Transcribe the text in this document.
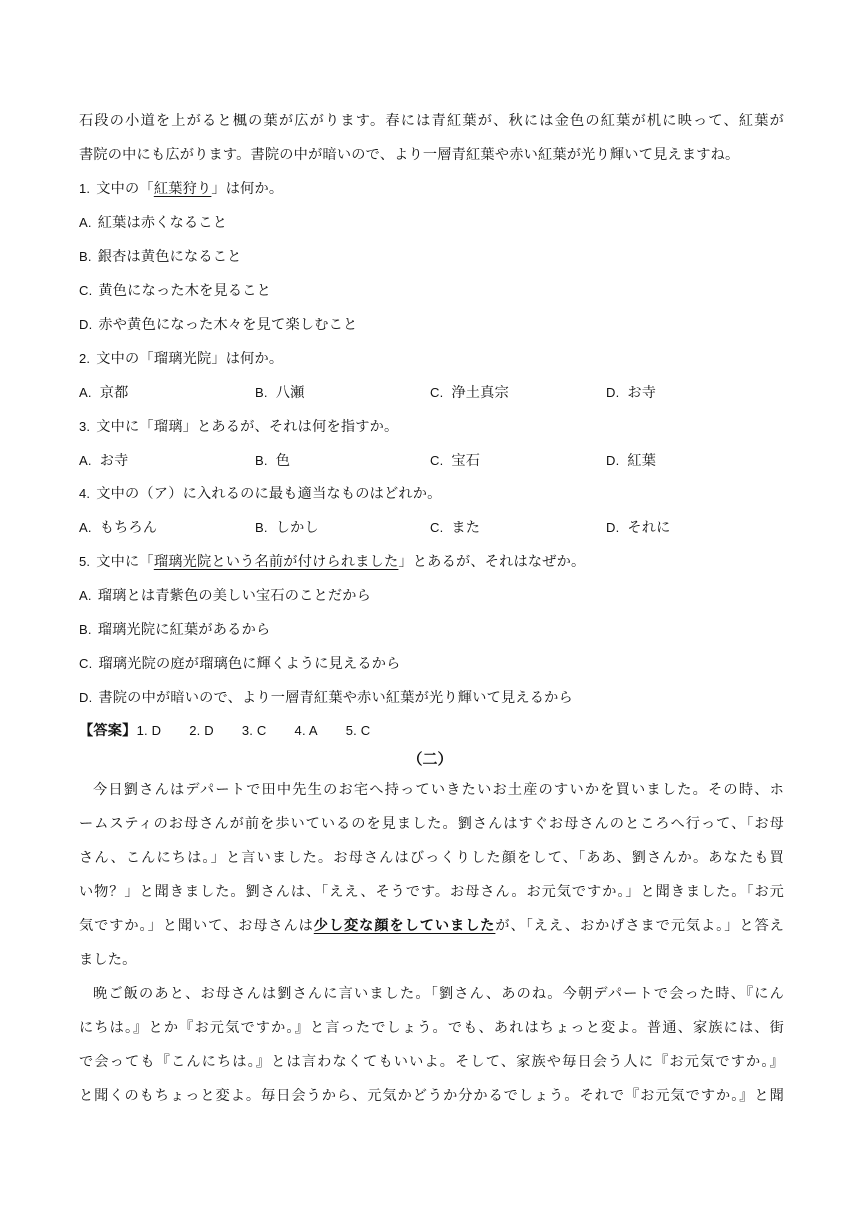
石段の小道を上がると楓の葉が広がります。春には青紅葉が、秋には金色の紅葉が机に映って、紅葉が
書院の中にも広がります。書院の中が暗いので、より一層青紅葉や赤い紅葉が光り輝いて見えますね。
1. 文中の「紅葉狩り」は何か。
A. 紅葉は赤くなること
B. 銀杏は黄色になること
C. 黄色になった木を見ること
D. 赤や黄色になった木々を見て楽しむこと
2. 文中の「瑠璃光院」は何か。
A. 京都	B. 八瀬	C. 浄土真宗	D. お寺
3. 文中に「瑠璃」とあるが、それは何を指すか。
A. お寺	B. 色	C. 宝石	D. 紅葉
4. 文中の（ア）に入れるのに最も適当なものはどれか。
A. もちろん	B. しかし	C. また	D. それに
5. 文中に「瑠璃光院という名前が付けられました」とあるが、それはなぜか。
A. 瑠璃とは青紫色の美しい宝石のことだから
B. 瑠璃光院に紅葉があるから
C. 瑠璃光院の庭が瑠璃色に輝くように見えるから
D. 書院の中が暗いので、より一層青紅葉や赤い紅葉が光り輝いて見えるから
【答案】1. D 2. D 3. C 4. A 5. C
（二）
今日劉さんはデパートで田中先生のお宅へ持っていきたいお土産のすいかを買いました。その時、ホ
ームスティのお母さんが前を歩いているのを見ました。劉さんはすぐお母さんのところへ行って、「お母
さん、こんにちは。」と言いました。お母さんはびっくりした顔をして、「ああ、劉さんか。あなたも買
い物？」と聞きました。劉さんは、「ええ、そうです。お母さん。お元気ですか。」と聞きました。「お元
気ですか。」と聞いて、お母さんは少し変な顔をしていましたが、「ええ、おかげさまで元気よ。」と答え
ました。
晩ご飯のあと、お母さんは劉さんに言いました。「劉さん、あのね。今朝デパートで会った時、『にん
にちは。』とか『お元気ですか。』と言ったでしょう。でも、あれはちょっと変よ。普通、家族には、街
で会っても『こんにちは。』とは言わなくてもいいよ。そして、家族や毎日会う人に『お元気ですか。』
と聞くのもちょっと変よ。毎日会うから、元気かどうか分かるでしょう。それで『お元気ですか。』と聞
